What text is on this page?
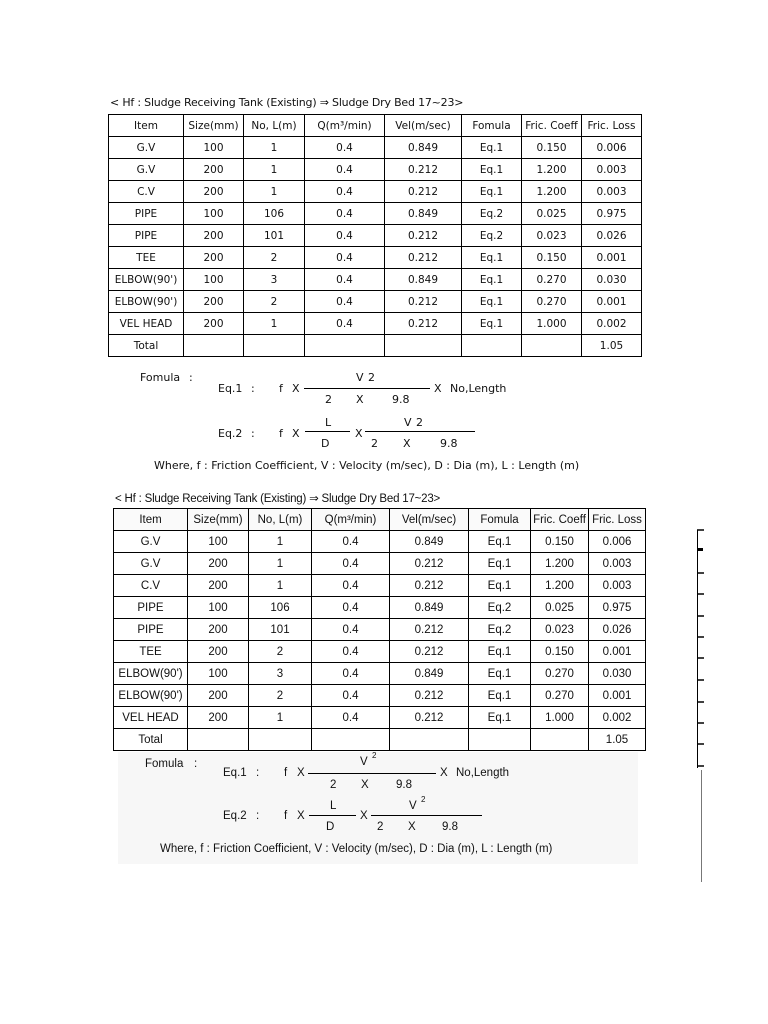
< Hf : Sludge Receiving Tank (Existing) ⇒ Sludge Dry Bed 17~23>
Item	Size(mm)	No, L(m)	Q(m³/min)	Vel(m/sec)	Fomula	Fric. Coeff	Fric. Loss
G.V	100	1	0.4	0.849	Eq.1	0.150	0.006
G.V	200	1	0.4	0.212	Eq.1	1.200	0.003
C.V	200	1	0.4	0.212	Eq.1	1.200	0.003
PIPE	100	106	0.4	0.849	Eq.2	0.025	0.975
PIPE	200	101	0.4	0.212	Eq.2	0.023	0.026
TEE	200	2	0.4	0.212	Eq.1	0.150	0.001
ELBOW(90')	100	3	0.4	0.849	Eq.1	0.270	0.030
ELBOW(90')	200	2	0.4	0.212	Eq.1	0.270	0.001
VEL HEAD	200	1	0.4	0.212	Eq.1	1.000	0.002
Total							1.05
Fomula :
Eq.1 : f X
V 2
2 X	9.8
X No,Length
Eq.2 : f X
L
D
X
V 2
2 X	9.8
Where, f : Friction Coefficient, V : Velocity (m/sec), D : Dia (m), L : Length (m)
< Hf : Sludge Receiving Tank (Existing) ⇒ Sludge Dry Bed 17~23>
Item	Size(mm)	No, L(m)	Q(m³/min)	Vel(m/sec)	Fomula	Fric. Coeff	Fric. Loss
G.V	100	1	0.4	0.849	Eq.1	0.150	0.006
G.V	200	1	0.4	0.212	Eq.1	1.200	0.003
C.V	200	1	0.4	0.212	Eq.1	1.200	0.003
PIPE	100	106	0.4	0.849	Eq.2	0.025	0.975
PIPE	200	101	0.4	0.212	Eq.2	0.023	0.026
TEE	200	2	0.4	0.212	Eq.1	0.150	0.001
ELBOW(90')	100	3	0.4	0.849	Eq.1	0.270	0.030
ELBOW(90')	200	2	0.4	0.212	Eq.1	0.270	0.001
VEL HEAD	200	1	0.4	0.212	Eq.1	1.000	0.002
Total							1.05
Fomula :
Eq.1 : f X
V
2
2 X 9.8
X No,Length
Eq.2 : f X
L
D
X
V
2
2 X 9.8
Where, f : Friction Coefficient, V : Velocity (m/sec), D : Dia (m), L : Length (m)
